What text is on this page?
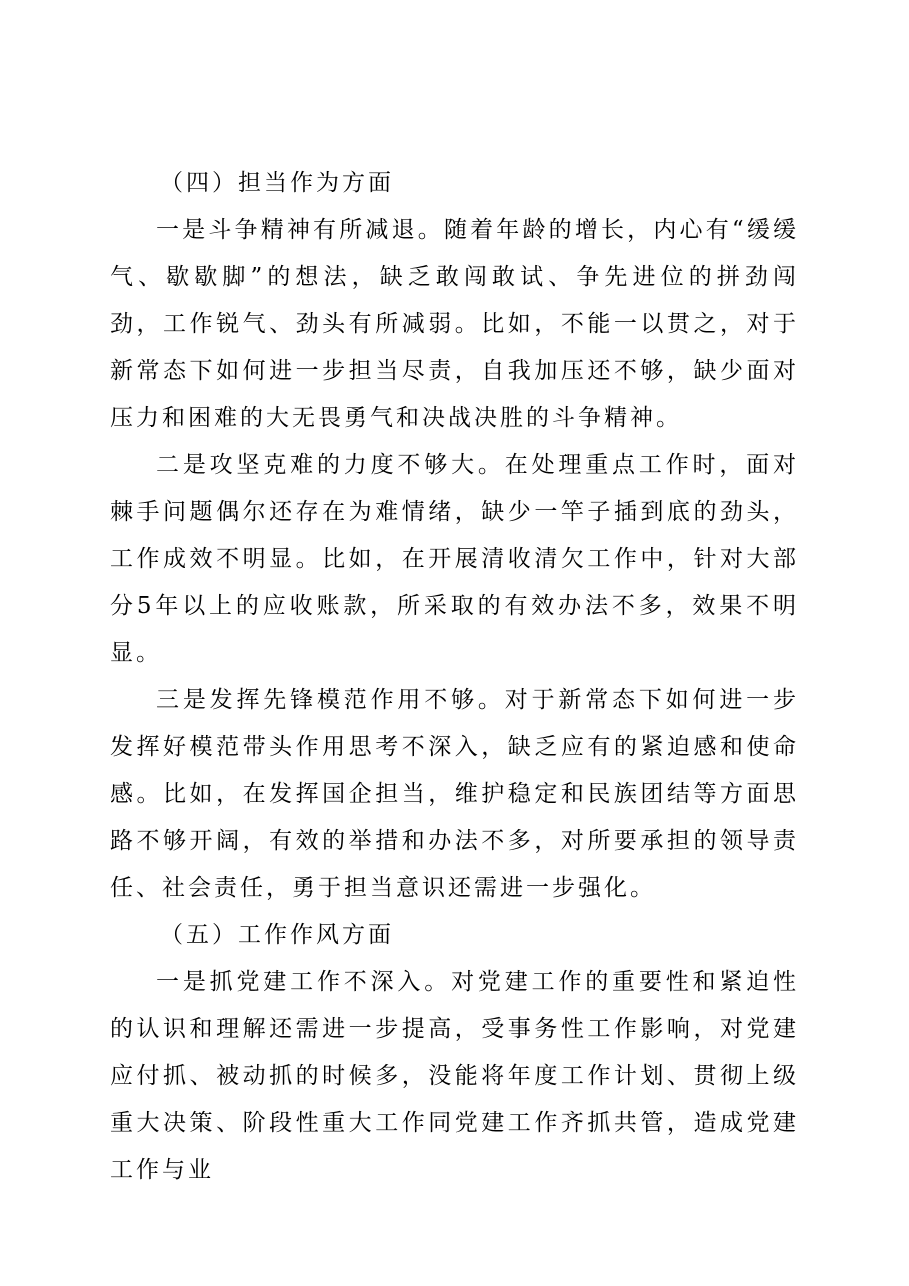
（四）担当作为方面

一是斗争精神有所减退。随着年龄的增长，内心有“缓缓气、歇歇脚”的想法，缺乏敢闯敢试、争先进位的拼劲闯劲，工作锐气、劲头有所减弱。比如，不能一以贯之，对于新常态下如何进一步担当尽责，自我加压还不够，缺少面对压力和困难的大无畏勇气和决战决胜的斗争精神。

二是攻坚克难的力度不够大。在处理重点工作时，面对棘手问题偶尔还存在为难情绪，缺少一竿子插到底的劲头，工作成效不明显。比如，在开展清收清欠工作中，针对大部分5年以上的应收账款，所采取的有效办法不多，效果不明显。

三是发挥先锋模范作用不够。对于新常态下如何进一步发挥好模范带头作用思考不深入，缺乏应有的紧迫感和使命感。比如，在发挥国企担当，维护稳定和民族团结等方面思路不够开阔，有效的举措和办法不多，对所要承担的领导责任、社会责任，勇于担当意识还需进一步强化。

（五）工作作风方面

一是抓党建工作不深入。对党建工作的重要性和紧迫性的认识和理解还需进一步提高，受事务性工作影响，对党建应付抓、被动抓的时候多，没能将年度工作计划、贯彻上级重大决策、阶段性重大工作同党建工作齐抓共管，造成党建工作与业
